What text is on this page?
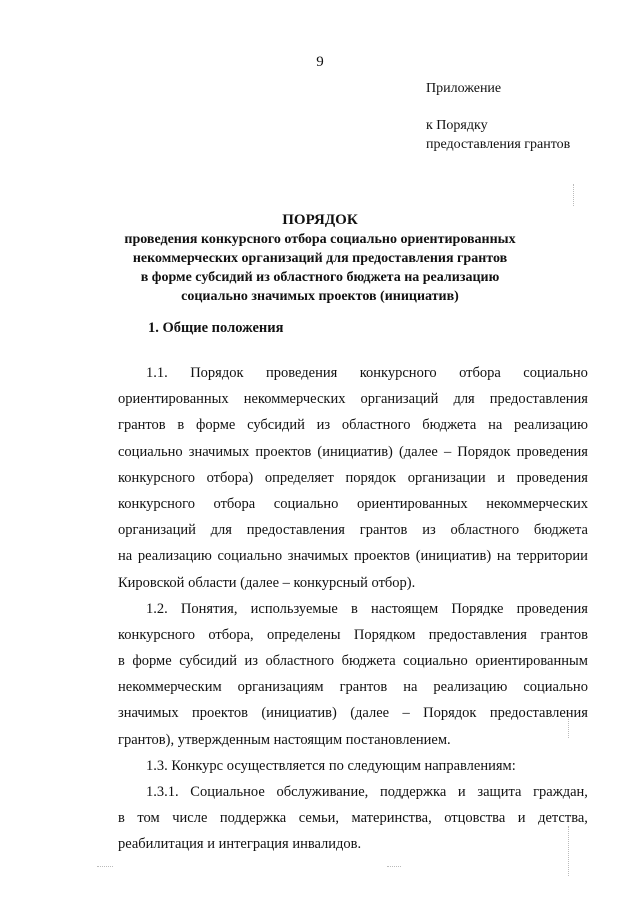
9
Приложение
к Порядку
предоставления грантов
ПОРЯДОК
проведения конкурсного отбора социально ориентированных
некоммерческих организаций для предоставления грантов
в форме субсидий из областного бюджета на реализацию
социально значимых проектов (инициатив)
1. Общие положения
1.1. Порядок проведения конкурсного отбора социально
ориентированных некоммерческих организаций для предоставления
грантов в форме субсидий из областного бюджета на реализацию
социально значимых проектов (инициатив) (далее – Порядок проведения
конкурсного отбора) определяет порядок организации и проведения
конкурсного отбора социально ориентированных некоммерческих
организаций для предоставления грантов из областного бюджета
на реализацию социально значимых проектов (инициатив) на территории
Кировской области (далее – конкурсный отбор).
1.2. Понятия, используемые в настоящем Порядке проведения
конкурсного отбора, определены Порядком предоставления грантов
в форме субсидий из областного бюджета социально ориентированным
некоммерческим организациям грантов на реализацию социально
значимых проектов (инициатив) (далее – Порядок предоставления
грантов), утвержденным настоящим постановлением.
1.3. Конкурс осуществляется по следующим направлениям:
1.3.1. Социальное обслуживание, поддержка и защита граждан,
в том числе поддержка семьи, материнства, отцовства и детства,
реабилитация и интеграция инвалидов.
